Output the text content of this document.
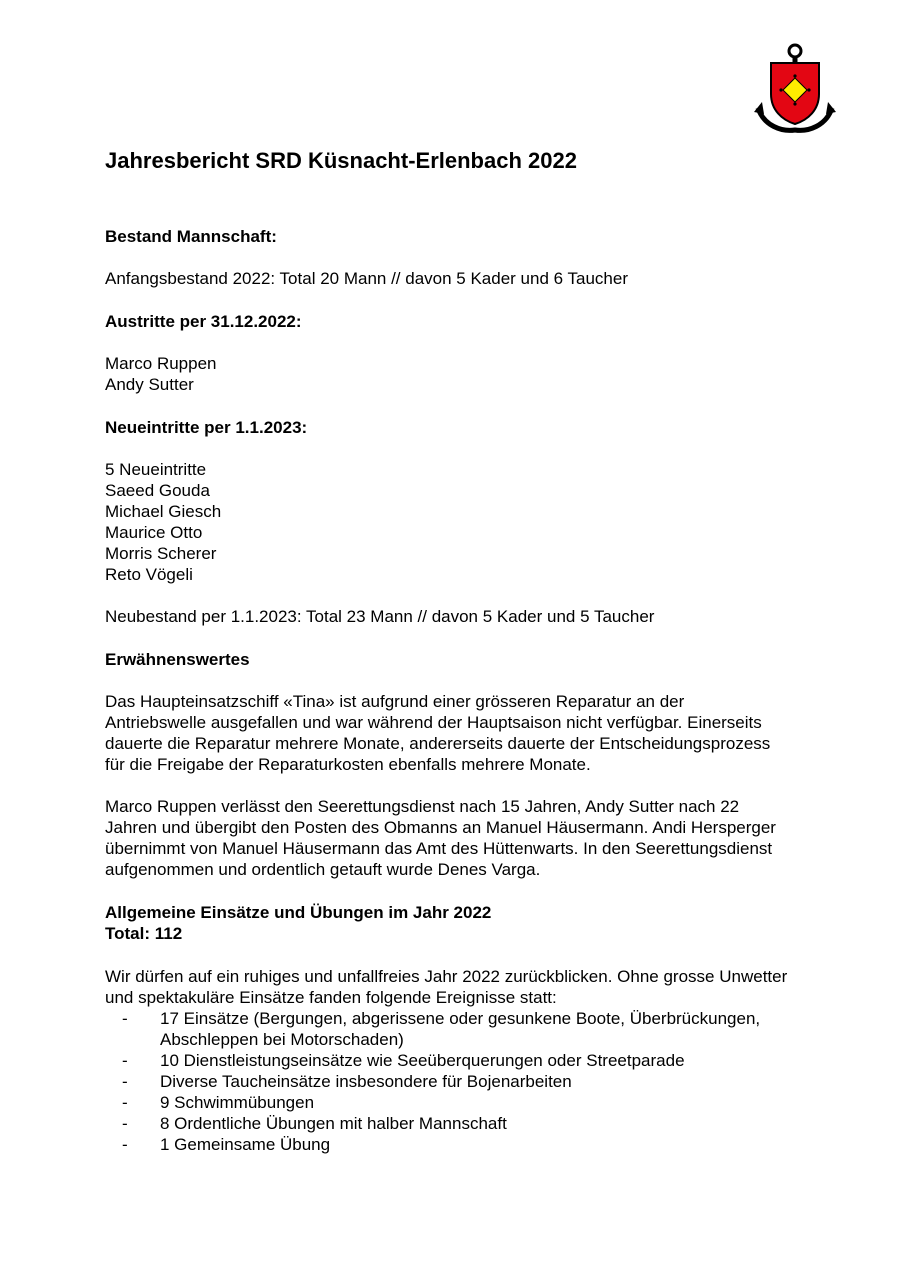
Jahresbericht SRD Küsnacht-Erlenbach 2022

Bestand Mannschaft:

Anfangsbestand 2022: Total 20 Mann // davon 5 Kader und 6 Taucher

Austritte per 31.12.2022:

Marco Ruppen

Andy Sutter

Neueintritte per 1.1.2023:

5 Neueintritte

Saeed Gouda

Michael Giesch

Maurice Otto

Morris Scherer

Reto Vögeli

Neubestand per 1.1.2023: Total 23 Mann // davon 5 Kader und 5 Taucher

Erwähnenswertes

Das Haupteinsatzschiff «Tina» ist aufgrund einer grösseren Reparatur an der

Antriebswelle ausgefallen und war während der Hauptsaison nicht verfügbar. Einerseits

dauerte die Reparatur mehrere Monate, andererseits dauerte der Entscheidungsprozess

für die Freigabe der Reparaturkosten ebenfalls mehrere Monate.

Marco Ruppen verlässt den Seerettungsdienst nach 15 Jahren, Andy Sutter nach 22

Jahren und übergibt den Posten des Obmanns an Manuel Häusermann. Andi Hersperger

übernimmt von Manuel Häusermann das Amt des Hüttenwarts. In den Seerettungsdienst

aufgenommen und ordentlich getauft wurde Denes Varga.

Allgemeine Einsätze und Übungen im Jahr 2022

Total: 112

Wir dürfen auf ein ruhiges und unfallfreies Jahr 2022 zurückblicken. Ohne grosse Unwetter

und spektakuläre Einsätze fanden folgende Ereignisse statt:

- 17 Einsätze (Bergungen, abgerissene oder gesunkene Boote, Überbrückungen,
Abschleppen bei Motorschaden)
- 10 Dienstleistungseinsätze wie Seeüberquerungen oder Streetparade
- Diverse Taucheinsätze insbesondere für Bojenarbeiten
- 9 Schwimmübungen
- 8 Ordentliche Übungen mit halber Mannschaft
- 1 Gemeinsame Übung
